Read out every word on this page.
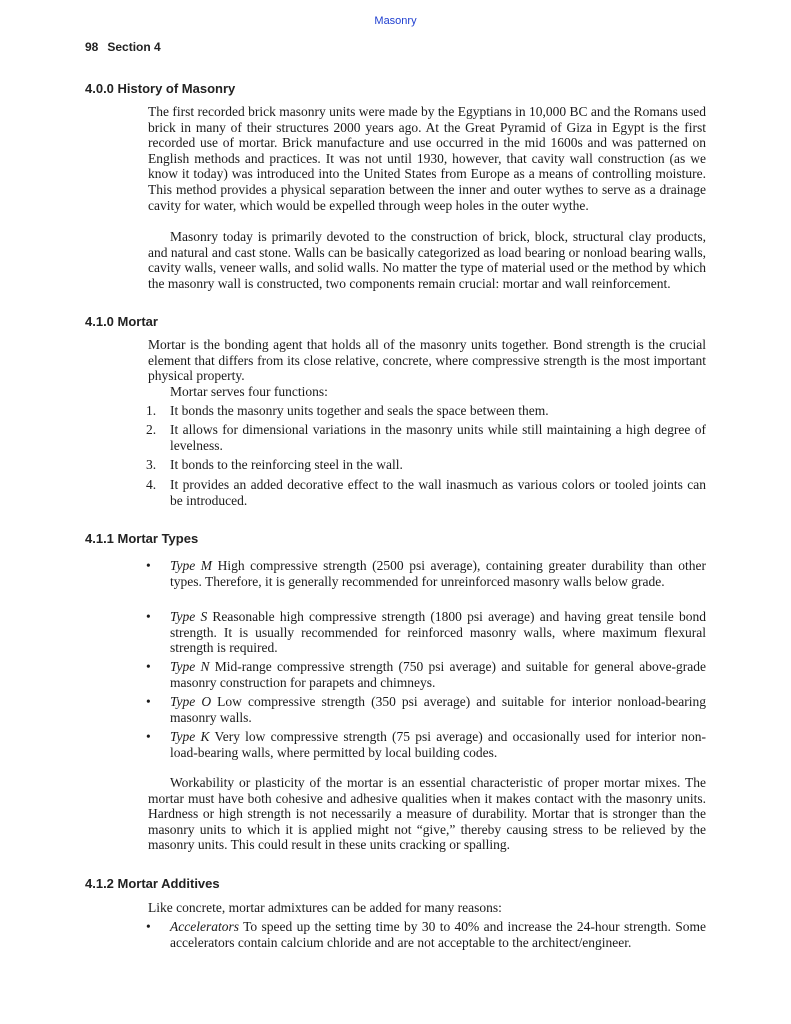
Masonry
98 Section 4
4.0.0 History of Masonry

The first recorded brick masonry units were made by the Egyptians in 10,000 BC and the Romans used brick in many of their structures 2000 years ago. At the Great Pyramid of Giza in Egypt is the first recorded use of mortar. Brick manufacture and use occurred in the mid 1600s and was patterned on English methods and practices. It was not until 1930, however, that cavity wall construction (as we know it today) was introduced into the United States from Europe as a means of controlling moisture. This method provides a physical separation between the inner and outer wythes to serve as a drainage cavity for water, which would be expelled through weep holes in the outer wythe.

Masonry today is primarily devoted to the construction of brick, block, structural clay products, and natural and cast stone. Walls can be basically categorized as load bearing or nonload bearing walls, cavity walls, veneer walls, and solid walls. No matter the type of material used or the method by which the masonry wall is constructed, two components remain crucial: mortar and wall reinforcement.

4.1.0 Mortar

Mortar is the bonding agent that holds all of the masonry units together. Bond strength is the crucial element that differs from its close relative, concrete, where compressive strength is the most important physical property.

Mortar serves four functions:

1. It bonds the masonry units together and seals the space between them.
2. It allows for dimensional variations in the masonry units while still maintaining a high degree of levelness.
3. It bonds to the reinforcing steel in the wall.
4. It provides an added decorative effect to the wall inasmuch as various colors or tooled joints can be introduced.
4.1.1 Mortar Types
• Type M High compressive strength (2500 psi average), containing greater durability than other types. Therefore, it is generally recommended for unreinforced masonry walls below grade.
• Type S Reasonable high compressive strength (1800 psi average) and having great tensile bond strength. It is usually recommended for reinforced masonry walls, where maximum flexural strength is required.
• Type N Mid-range compressive strength (750 psi average) and suitable for general above-grade masonry construction for parapets and chimneys.
• Type O Low compressive strength (350 psi average) and suitable for interior nonload-bearing masonry walls.
• Type K Very low compressive strength (75 psi average) and occasionally used for interior non-load-bearing walls, where permitted by local building codes.

Workability or plasticity of the mortar is an essential characteristic of proper mortar mixes. The mortar must have both cohesive and adhesive qualities when it makes contact with the masonry units. Hardness or high strength is not necessarily a measure of durability. Mortar that is stronger than the masonry units to which it is applied might not “give,” thereby causing stress to be relieved by the masonry units. This could result in these units cracking or spalling.

4.1.2 Mortar Additives

Like concrete, mortar admixtures can be added for many reasons:

• Accelerators To speed up the setting time by 30 to 40% and increase the 24-hour strength. Some accelerators contain calcium chloride and are not acceptable to the architect/engineer.
